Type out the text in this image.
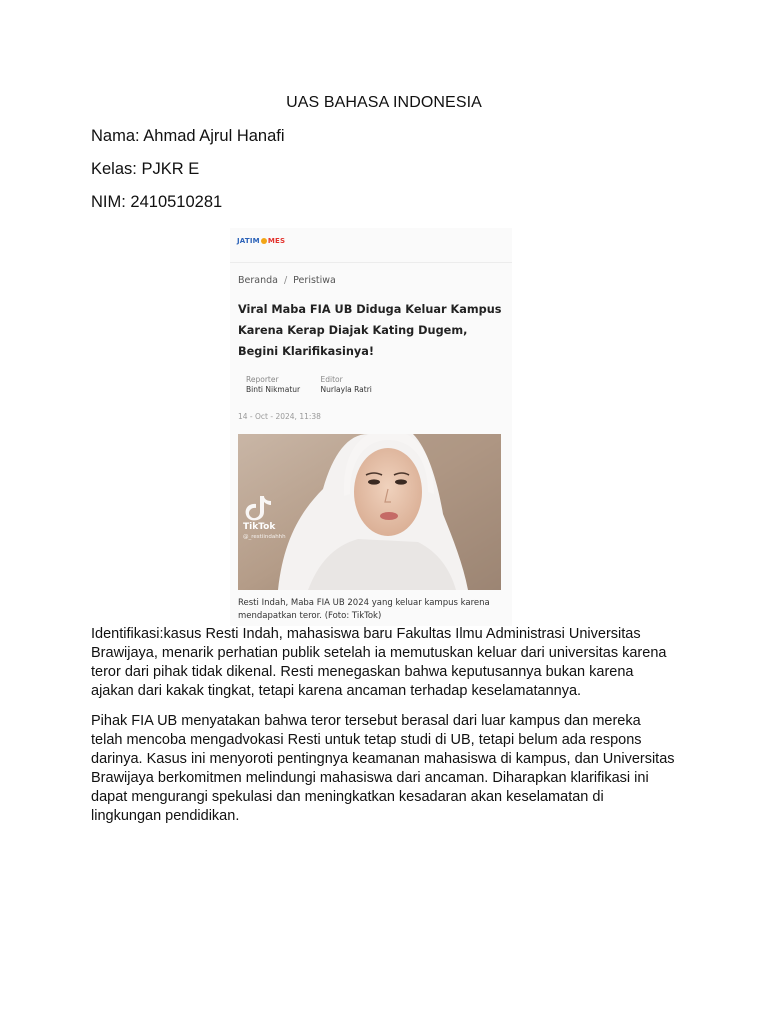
UAS BAHASA INDONESIA
Nama: Ahmad Ajrul Hanafi
Kelas: PJKR E
NIM: 2410510281
JATIM MES
Beranda / Peristiwa
Viral Maba FIA UB Diduga Keluar Kampus Karena Kerap Diajak Kating Dugem, Begini Klarifikasinya!
Reporter
Binti Nikmatur

Editor
Nurlayla Ratri
14 - Oct - 2024, 11:38
TikTok
@_restiindahhh
Resti Indah, Maba FIA UB 2024 yang keluar kampus karena mendapatkan teror. (Foto: TikTok)

Identifikasi:kasus Resti Indah, mahasiswa baru Fakultas Ilmu Administrasi Universitas Brawijaya, menarik perhatian publik setelah ia memutuskan keluar dari universitas karena teror dari pihak tidak dikenal. Resti menegaskan bahwa keputusannya bukan karena ajakan dari kakak tingkat, tetapi karena ancaman terhadap keselamatannya.

Pihak FIA UB menyatakan bahwa teror tersebut berasal dari luar kampus dan mereka telah mencoba mengadvokasi Resti untuk tetap studi di UB, tetapi belum ada respons darinya. Kasus ini menyoroti pentingnya keamanan mahasiswa di kampus, dan Universitas Brawijaya berkomitmen melindungi mahasiswa dari ancaman. Diharapkan klarifikasi ini dapat mengurangi spekulasi dan meningkatkan kesadaran akan keselamatan di lingkungan pendidikan.
